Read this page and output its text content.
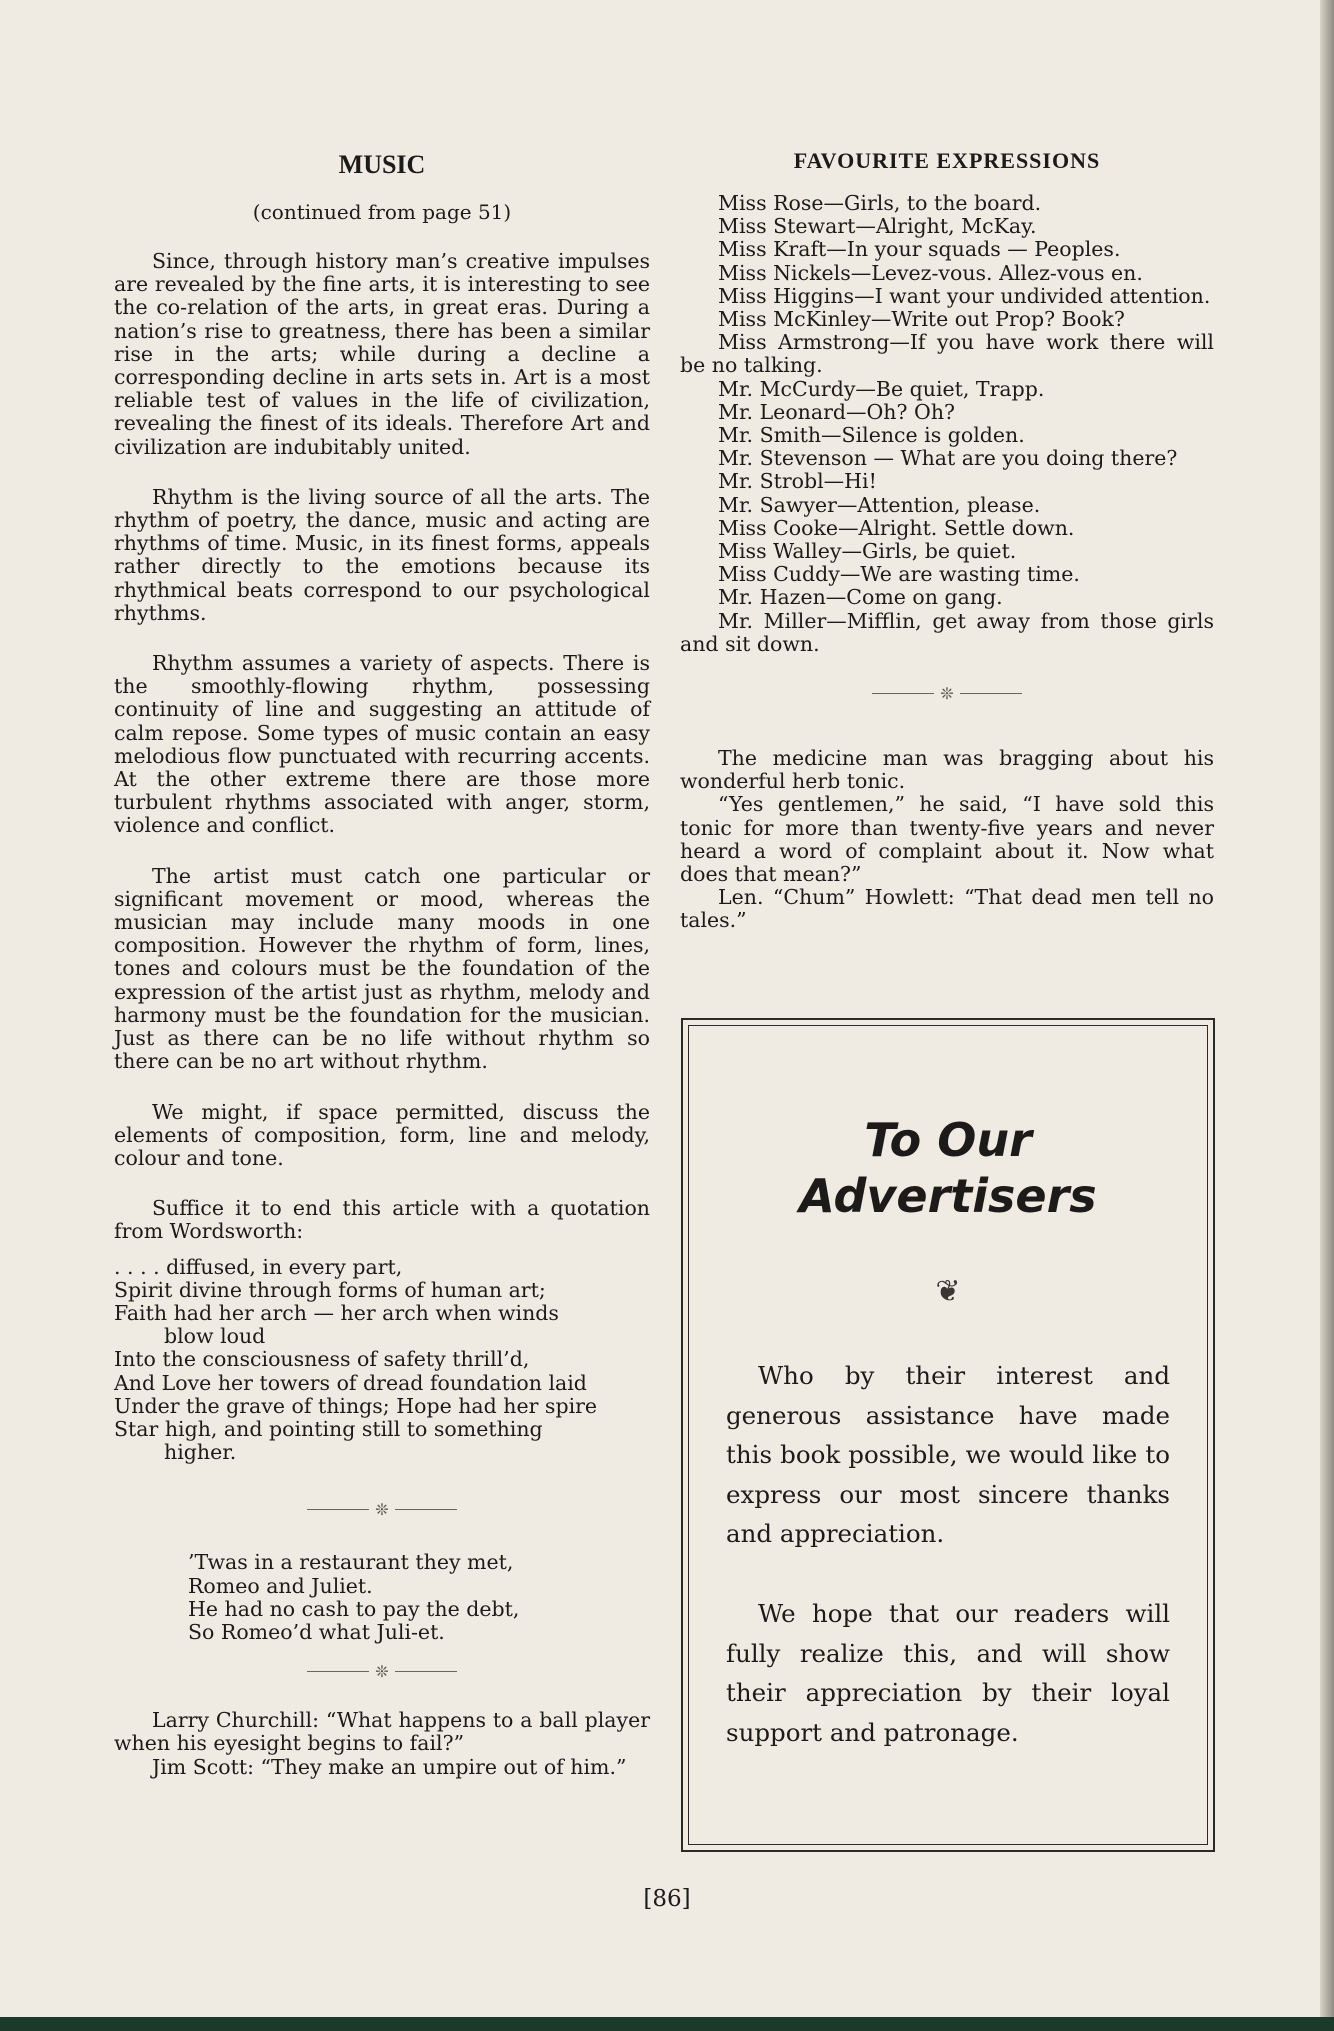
MUSIC
(continued from page 51)

Since, through history man’s creative impulses are revealed by the fine arts, it is interesting to see the co-relation of the arts, in great eras. During a nation’s rise to greatness, there has been a similar rise in the arts; while during a decline a corresponding decline in arts sets in. Art is a most reliable test of values in the life of civilization, revealing the finest of its ideals. Therefore Art and civilization are indubitably united.

Rhythm is the living source of all the arts. The rhythm of poetry, the dance, music and acting are rhythms of time. Music, in its finest forms, appeals rather directly to the emotions because its rhythmical beats correspond to our psychological rhythms.

Rhythm assumes a variety of aspects. There is the smoothly-flowing rhythm, possessing continuity of line and suggesting an attitude of calm repose. Some types of music contain an easy melodious flow punctuated with recurring accents. At the other extreme there are those more turbulent rhythms associated with anger, storm, violence and conflict.

The artist must catch one particular or significant movement or mood, whereas the musician may include many moods in one composition. However the rhythm of form, lines, tones and colours must be the foundation of the expression of the artist just as rhythm, melody and harmony must be the foundation for the musician. Just as there can be no life without rhythm so there can be no art without rhythm.

We might, if space permitted, discuss the elements of composition, form, line and melody, colour and tone.

Suffice it to end this article with a quotation from Wordsworth:

. . . . diffused, in every part,
Spirit divine through forms of human art;
Faith had her arch — her arch when winds
blow loud
Into the consciousness of safety thrill’d,
And Love her towers of dread foundation laid
Under the grave of things; Hope had her spire
Star high, and pointing still to something
higher.
❊
’Twas in a restaurant they met,
Romeo and Juliet.
He had no cash to pay the debt,
So Romeo’d what Juli-et.
❊

Larry Churchill: “What happens to a ball player when his eyesight begins to fail?”

Jim Scott: “They make an umpire out of him.”

FAVOURITE EXPRESSIONS

Miss Rose—Girls, to the board.

Miss Stewart—Alright, McKay.

Miss Kraft—In your squads — Peoples.

Miss Nickels—Levez-vous. Allez-vous en.

Miss Higgins—I want your undivided attention.

Miss McKinley—Write out Prop? Book?

Miss Armstrong—If you have work there will be no talking.

Mr. McCurdy—Be quiet, Trapp.

Mr. Leonard—Oh? Oh?

Mr. Smith—Silence is golden.

Mr. Stevenson — What are you doing there?

Mr. Strobl—Hi!

Mr. Sawyer—Attention, please.

Miss Cooke—Alright. Settle down.

Miss Walley—Girls, be quiet.

Miss Cuddy—We are wasting time.

Mr. Hazen—Come on gang.

Mr. Miller—Mifflin, get away from those girls and sit down.

❊

The medicine man was bragging about his wonderful herb tonic.

“Yes gentlemen,” he said, “I have sold this tonic for more than twenty-five years and never heard a word of complaint about it. Now what does that mean?”

Len. “Chum” Howlett: “That dead men tell no tales.”

To Our
Advertisers
❦

Who by their interest and generous assistance have made this book possible, we would like to express our most sincere thanks and appreciation.

We hope that our readers will fully realize this, and will show their appreciation by their loyal support and patronage.

[86]
